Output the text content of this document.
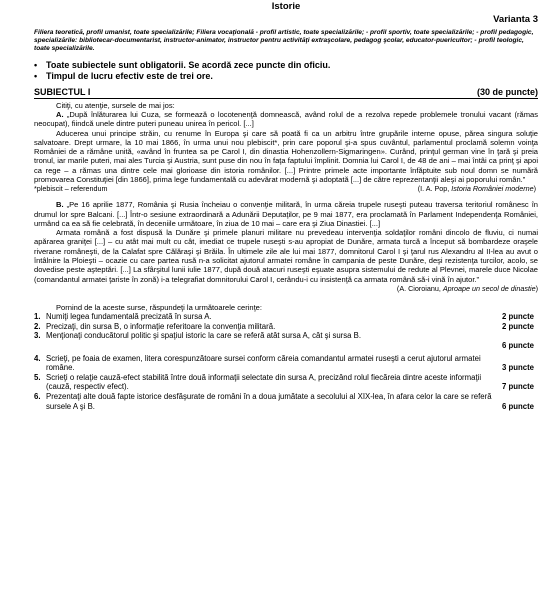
Istorie
Varianta 3
Filiera teoretică, profil umanist, toate specializările; Filiera vocaţională - profil artistic, toate specializările; - profil sportiv, toate specializările; - profil pedagogic, specializările: bibliotecar-documentarist, instructor-animator, instructor pentru activităţi extraşcolare, pedagog şcolar, educator-puericultor; - profil teologic, toate specializările.
• Toate subiectele sunt obligatorii. Se acordă zece puncte din oficiu.
• Timpul de lucru efectiv este de trei ore.
SUBIECTUL I	(30 de puncte)
Citiţi, cu atenţie, sursele de mai jos:
A. „După înlăturarea lui Cuza, se formează o locotenenţă domnească, având rolul de a rezolva repede problemele tronului vacant (rămas neocupat), fiindcă unele dintre puteri puneau unirea în pericol. [...]
Aducerea unui principe străin, cu renume în Europa şi care să poată fi ca un arbitru între grupările interne opuse, părea singura soluţie salvatoare. Drept urmare, la 10 mai 1866, în urma unui nou plebiscit*, prin care poporul şi-a spus cuvântul, parlamentul proclamă solemn voinţa României de a rămâne unită, «având în fruntea sa pe Carol I, din dinastia Hohenzollern-Sigmaringen». Curând, prinţul german vine în ţară şi preia tronul, iar marile puteri, mai ales Turcia şi Austria, sunt puse din nou în faţa faptului împlinit. Domnia lui Carol I, de 48 de ani – mai întâi ca prinţ şi apoi ca rege – a rămas una dintre cele mai glorioase din istoria românilor. [...] Printre primele acte importante înfăptuite sub noul domn se numără promovarea Constituţiei [din 1866], prima lege fundamentală cu adevărat modernă şi adoptată [...] de către reprezentanţii aleşi ai poporului român.”
*plebiscit – referendum	(I. A. Pop, Istoria României moderne)
B. „Pe 16 aprilie 1877, România şi Rusia încheiau o convenţie militară, în urma căreia trupele ruseşti puteau traversa teritoriul românesc în drumul lor spre Balcani. [...] Într-o sesiune extraordinară a Adunării Deputaţilor, pe 9 mai 1877, era proclamată în Parlament Independenţa României, urmând ca ea să fie celebrată, în deceniile următoare, în ziua de 10 mai – care era şi Ziua Dinastiei. [...]
Armata română a fost dispusă la Dunăre şi primele planuri militare nu prevedeau intervenţia soldaţilor români dincolo de fluviu, ci numai apărarea graniţei [...] – cu atât mai mult cu cât, imediat ce trupele ruseşti s-au apropiat de Dunăre, armata turcă a început să bombardeze oraşele riverane româneşti, de la Calafat spre Călăraşi şi Brăila. În ultimele zile ale lui mai 1877, domnitorul Carol I şi ţarul rus Alexandru al II-lea au avut o întâlnire la Ploieşti – ocazie cu care partea rusă n-a solicitat ajutorul armatei române în campania de peste Dunăre, deşi rezistenţa turcilor, acolo, se dovedise peste aşteptări. [...] La sfârşitul lunii iulie 1877, după două atacuri ruseşti eşuate asupra sistemului de redute al Plevnei, marele duce Nicolae (comandantul armatei ţariste în zonă) i-a telegrafiat domnitorului Carol I, cerându-i cu insistenţă ca armata română să-i vină în ajutor.”
(A. Cioroianu, Aproape un secol de dinastie)
Pornind de la aceste surse, răspundeţi la următoarele cerinţe:
1. Numiţi legea fundamentală precizată în sursa A.	2 puncte
2. Precizaţi, din sursa B, o informaţie referitoare la convenţia militară.	2 puncte
3. Menţionaţi conducătorul politic şi spaţiul istoric la care se referă atât sursa A, cât şi sursa B.
6 puncte
4. Scrieţi, pe foaia de examen, litera corespunzătoare sursei conform căreia comandantul armatei ruseşti a cerut ajutorul armatei române.	3 puncte
5. Scrieţi o relaţie cauză-efect stabilită între două informaţii selectate din sursa A, precizând rolul fiecăreia dintre aceste informaţii (cauză, respectiv efect).	7 puncte
6. Prezentaţi alte două fapte istorice desfăşurate de români în a doua jumătate a secolului al XIX-lea, în afara celor la care se referă sursele A şi B.	6 puncte
